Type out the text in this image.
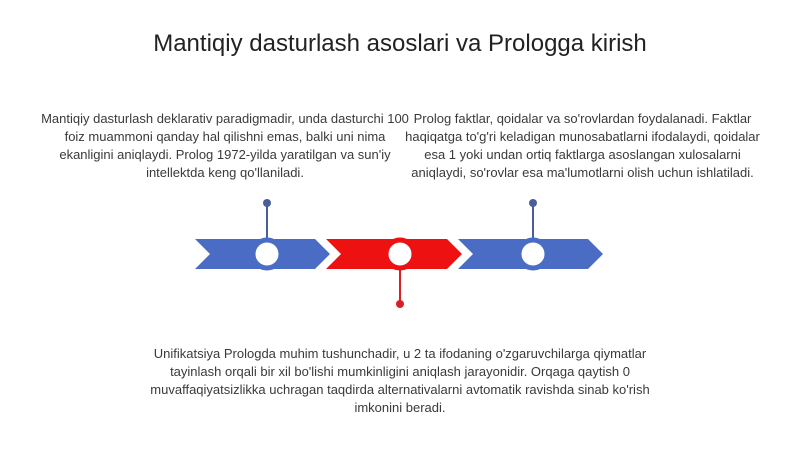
Mantiqiy dasturlash asoslari va Prologga kirish
Mantiqiy dasturlash deklarativ paradigmadir, unda dasturchi 100 foiz muammoni qanday hal qilishni emas, balki uni nima ekanligini aniqlaydi. Prolog 1972-yilda yaratilgan va sun'iy intellektda keng qo'llaniladi.
Prolog faktlar, qoidalar va so'rovlardan foydalanadi. Faktlar haqiqatga to'g'ri keladigan munosabatlarni ifodalaydi, qoidalar esa 1 yoki undan ortiq faktlarga asoslangan xulosalarni aniqlaydi, so'rovlar esa ma'lumotlarni olish uchun ishlatiladi.
Unifikatsiya Prologda muhim tushunchadir, u 2 ta ifodaning o'zgaruvchilarga qiymatlar tayinlash orqali bir xil bo'lishi mumkinligini aniqlash jarayonidir. Orqaga qaytish 0 muvaffaqiyatsizlikka uchragan taqdirda alternativalarni avtomatik ravishda sinab ko'rish imkonini beradi.
